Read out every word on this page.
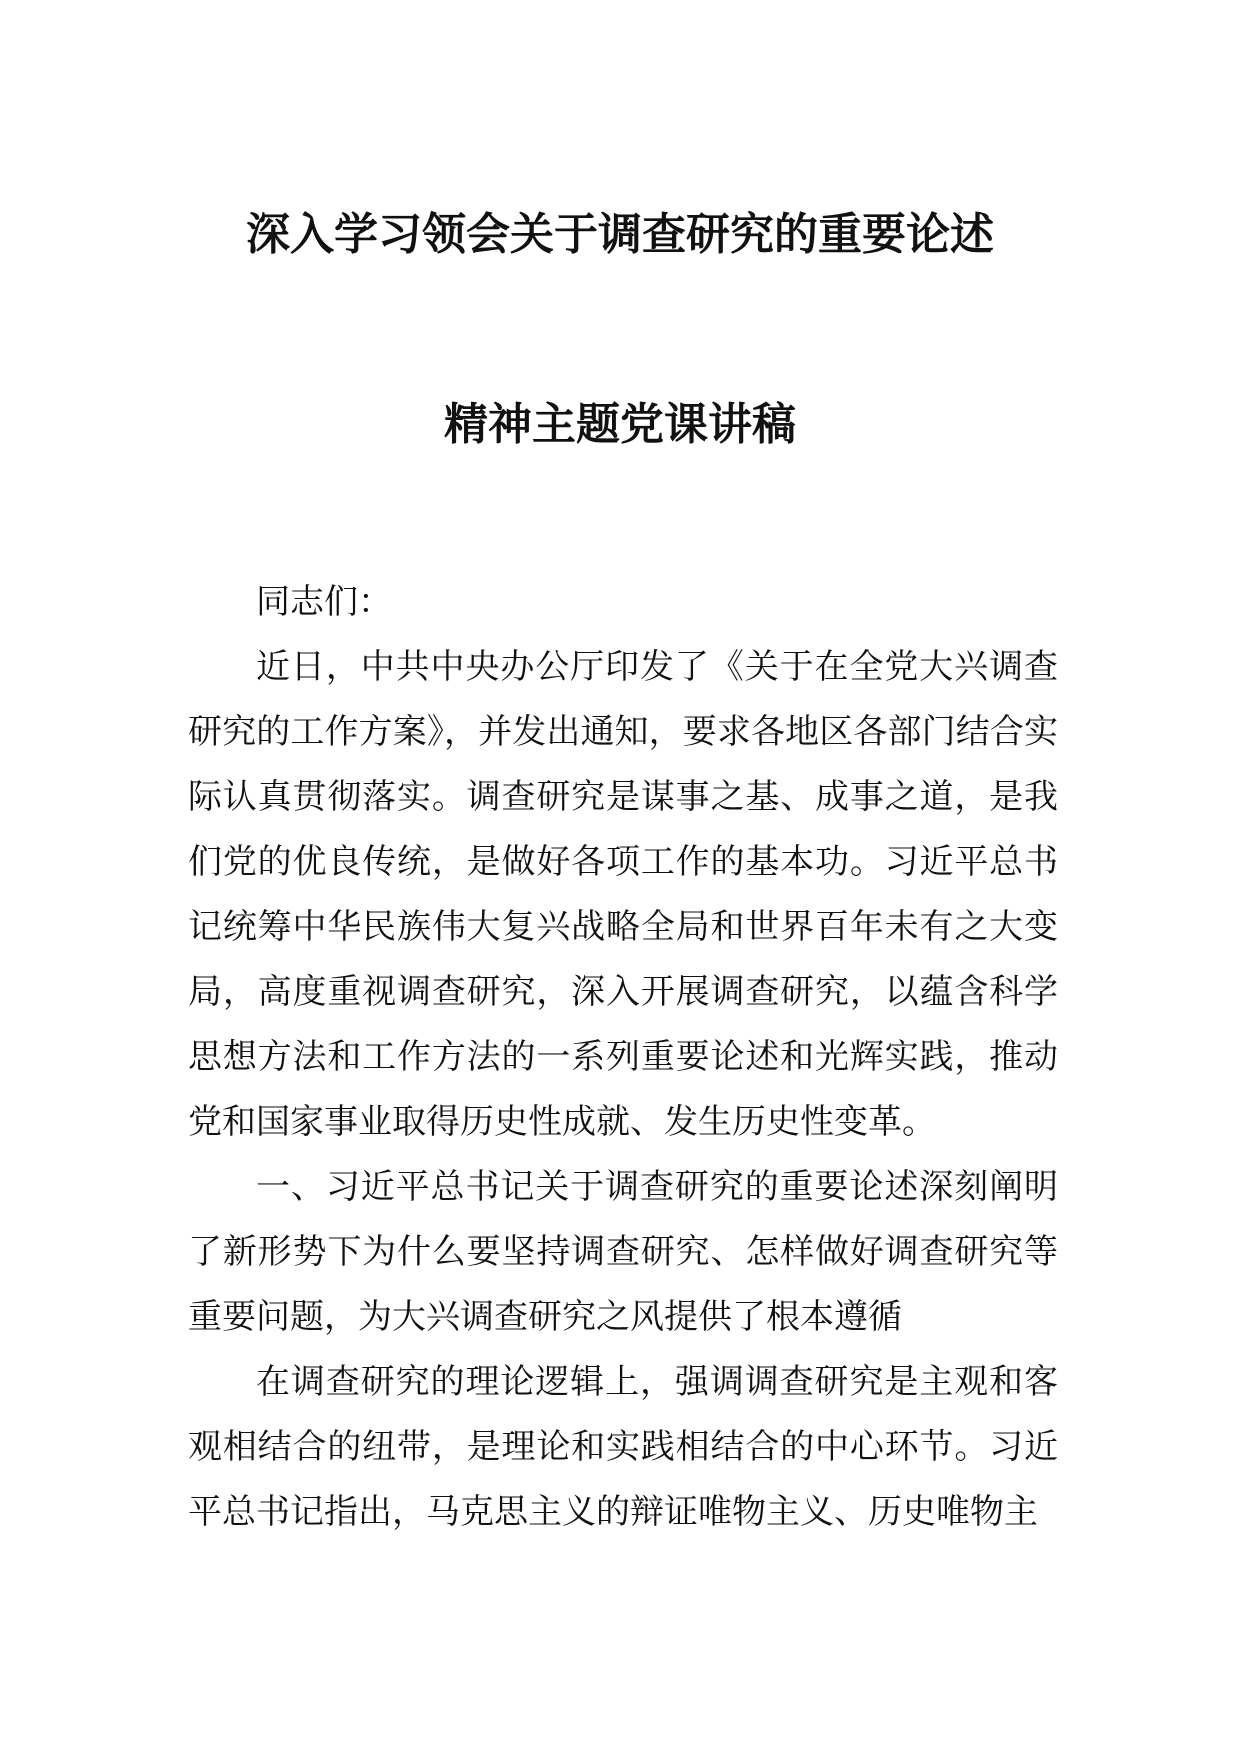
深入学习领会关于调查研究的重要论述
精神主题党课讲稿

同志们：

近日，中共中央办公厅印发了《关于在全党大兴调查研究的工作方案》，并发出通知，要求各地区各部门结合实际认真贯彻落实。调查研究是谋事之基、成事之道，是我们党的优良传统，是做好各项工作的基本功。习近平总书记统筹中华民族伟大复兴战略全局和世界百年未有之大变局，高度重视调查研究，深入开展调查研究，以蕴含科学思想方法和工作方法的一系列重要论述和光辉实践，推动党和国家事业取得历史性成就、发生历史性变革。

一、习近平总书记关于调查研究的重要论述深刻阐明了新形势下为什么要坚持调查研究、怎样做好调查研究等重要问题，为大兴调查研究之风提供了根本遵循

在调查研究的理论逻辑上，强调调查研究是主观和客观相结合的纽带，是理论和实践相结合的中心环节。习近平总书记指出，马克思主义的辩证唯物主义、历史唯物主
